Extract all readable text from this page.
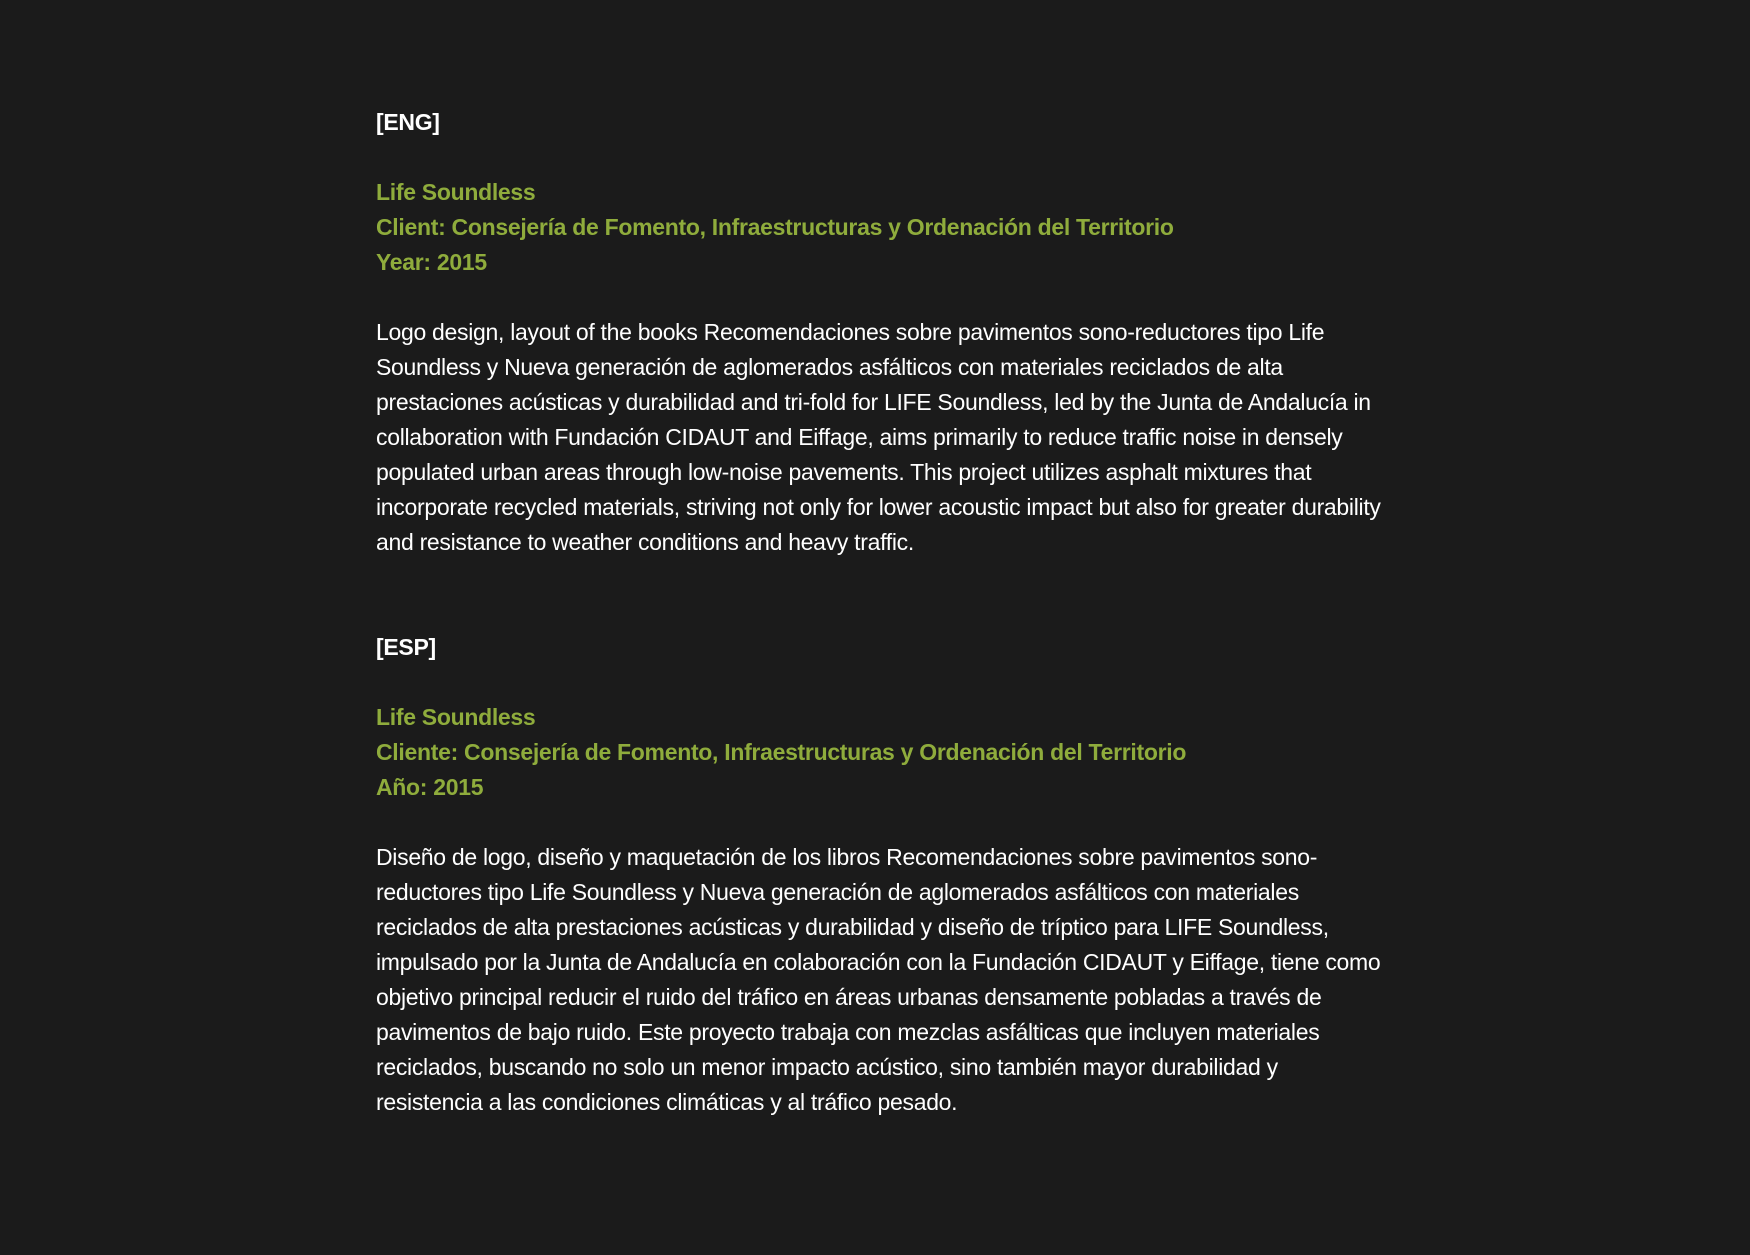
[ENG]
Life Soundless
Client: Consejería de Fomento, Infraestructuras y Ordenación del Territorio
Year: 2015

Logo design, layout of the books Recomendaciones sobre pavimentos sono-reductores tipo Life Soundless y Nueva generación de aglomerados asfálticos con materiales reciclados de alta prestaciones acústicas y durabilidad and tri-fold for LIFE Soundless, led by the Junta de Andalucía in collaboration with Fundación CIDAUT and Eiffage, aims primarily to reduce traffic noise in densely populated urban areas through low-noise pavements. This project utilizes asphalt mixtures that incorporate recycled materials, striving not only for lower acoustic impact but also for greater durability and resistance to weather conditions and heavy traffic.

[ESP]
Life Soundless
Cliente: Consejería de Fomento, Infraestructuras y Ordenación del Territorio
Año: 2015

Diseño de logo, diseño y maquetación de los libros Recomendaciones sobre pavimentos sono-reductores tipo Life Soundless y Nueva generación de aglomerados asfálticos con materiales reciclados de alta prestaciones acústicas y durabilidad y diseño de tríptico para LIFE Soundless, impulsado por la Junta de Andalucía en colaboración con la Fundación CIDAUT y Eiffage, tiene como objetivo principal reducir el ruido del tráfico en áreas urbanas densamente pobladas a través de pavimentos de bajo ruido. Este proyecto trabaja con mezclas asfálticas que incluyen materiales reciclados, buscando no solo un menor impacto acústico, sino también mayor durabilidad y resistencia a las condiciones climáticas y al tráfico pesado.
